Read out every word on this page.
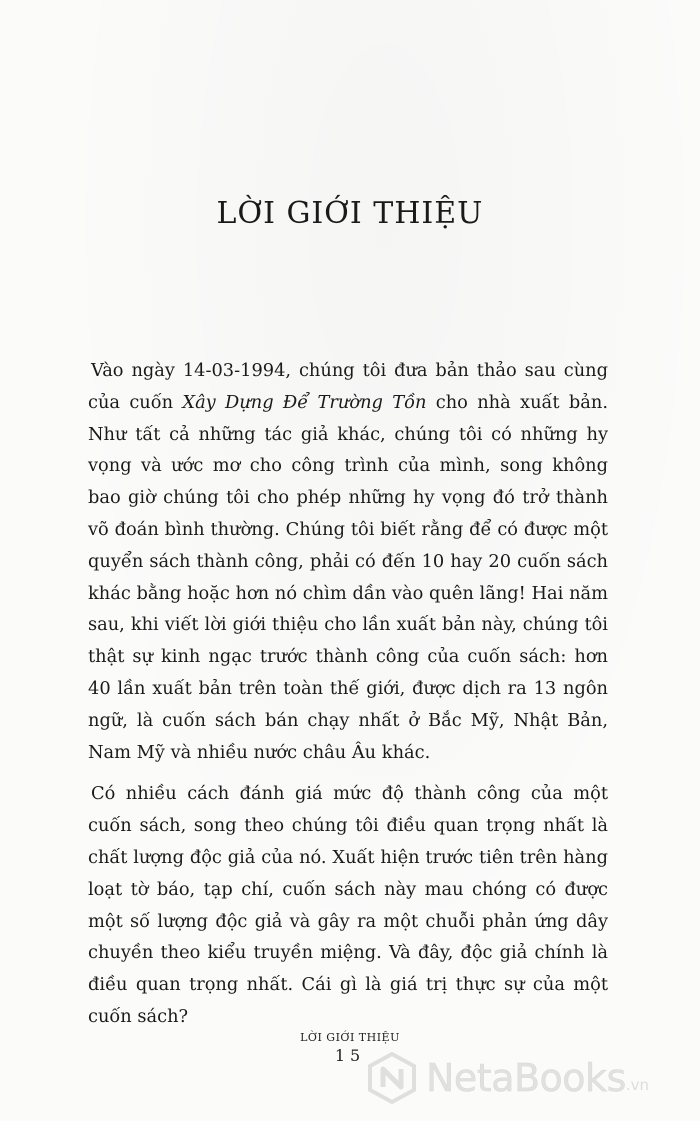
LỜI GIỚI THIỆU

Vào ngày 14-03-1994, chúng tôi đưa bản thảo sau cùng của cuốn Xây Dựng Để Trường Tồn cho nhà xuất bản. Như tất cả những tác giả khác, chúng tôi có những hy vọng và ước mơ cho công trình của mình, song không bao giờ chúng tôi cho phép những hy vọng đó trở thành võ đoán bình thường. Chúng tôi biết rằng để có được một quyển sách thành công, phải có đến 10 hay 20 cuốn sách khác bằng hoặc hơn nó chìm dần vào quên lãng! Hai năm sau, khi viết lời giới thiệu cho lần xuất bản này, chúng tôi thật sự kinh ngạc trước thành công của cuốn sách: hơn 40 lần xuất bản trên toàn thế giới, được dịch ra 13 ngôn ngữ, là cuốn sách bán chạy nhất ở Bắc Mỹ, Nhật Bản, Nam Mỹ và nhiều nước châu Âu khác.

Có nhiều cách đánh giá mức độ thành công của một cuốn sách, song theo chúng tôi điều quan trọng nhất là chất lượng độc giả của nó. Xuất hiện trước tiên trên hàng loạt tờ báo, tạp chí, cuốn sách này mau chóng có được một số lượng độc giả và gây ra một chuỗi phản ứng dây chuyền theo kiểu truyền miệng. Và đây, độc giả chính là điều quan trọng nhất. Cái gì là giá trị thực sự của một cuốn sách?

LỜI GIỚI THIỆU
15
NetaBooks .vn
